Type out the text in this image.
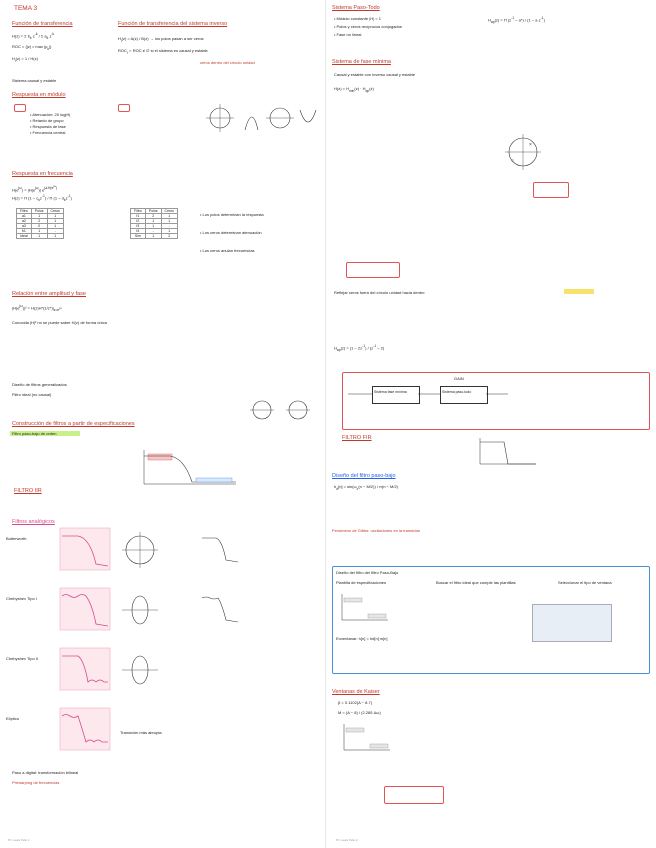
TEMA 3
Función de transferencia	Función de transferencia del sistema inverso
H(z) = Σ $b_k$ $z^{-k}$ / Σ $a_k$ $z^{-k}$
ROC = $\{|z| > \max |p_k|\}$
$H_i(z) = 1 / H(z)$
$H_i(z) = A(z) / B(z)$ → los polos pasan a ser ceros
$ROC_i$ ∩ ROC ≠ ∅ si el sistema es causal y estable
ceros dentro del círculo unidad
Sistema causal y estable
Respuesta en módulo
• Atenuación: 20 log|H|
• Retardo de grupo
• Respuesta de fase
• Frecuencia central
Respuesta en frecuencia
$H(e^{j\omega}) = |H(e^{j\omega})|$ $e^{j\angle H(e^{j\omega})}$
H(z) = Π $(1 - c_kz^{-1}) / \Pi$ $(1 - d_kz^{-1})$
Filtro	Polos	Ceros
a1	1	1
a2	2	1
a3	0	1
b1	1	-
Ideal	1	1
Filtro	Polos	Ceros
f1	2	1
f2	1	1
f3	1	-
f4	-	1
Sim	1	2
• Los polos determinan la respuesta
• Los ceros determinan atenuación
• Los ceros anulan frecuencias
Relación entre amplitud y fase
$|H(e^{j\omega})|^2 = H(z)H*(1/z*)|_{z=e^{j\omega}}$
Conocida |H|² no se puede saber H(z) de forma única
Diseño de filtros generalizados
Filtro ideal (no causal)
Construcción de filtros a partir de especificaciones
Filtro paso-bajo de orden
FILTRO IIR
Filtros analógicos
Butterworth
Chebyshev Tipo I
Chebyshev Tipo II
Elíptico
Transición más abrupta
Paso a digital: transformación bilineal
Prewarping de frecuencias
Pr. Laura Tello 1
Sistema Paso-Todo
• Módulo constante |H| = 1
• Polos y ceros recíprocos conjugados
• Fase no lineal
$H_{ap}(z) = \Pi$ $(z^{-1} - a*) / (1 - a$ $z^{-1}$)
Sistema de fase mínima
Causal y estable con inverso causal y estable
$H(z) = H_{min}(z) \cdot H_{ap}(z)$
×
○
Reflejar ceros fuera del círculo unidad hacia dentro
$H_{ap}(z) = (1 - 2z^{-1}) / (z^{-1} - 2)$
GAIN
Sistema fase mínima	Sistema paso-todo
FILTRO FIR
Diseño del filtro paso-bajo
$h_d[n] = \sin(\omega_c(n - M/2)) / \pi(n - M/2)$
Fenómeno de Gibbs: oscilaciones en la transición
Diseño del filtro del filtro Paso-Bajo
Plantilla de especificaciones	Buscar el filtro ideal que cumple las plantillas	Seleccionar el tipo de ventana
Enventanar: h[n] = hd[n]·w[n]
Ventanas de Kaiser
β = 0.1102(A − 8.7)
M = (A − 8) / (2.285 Δω)
Pr. Laura Tello 2
